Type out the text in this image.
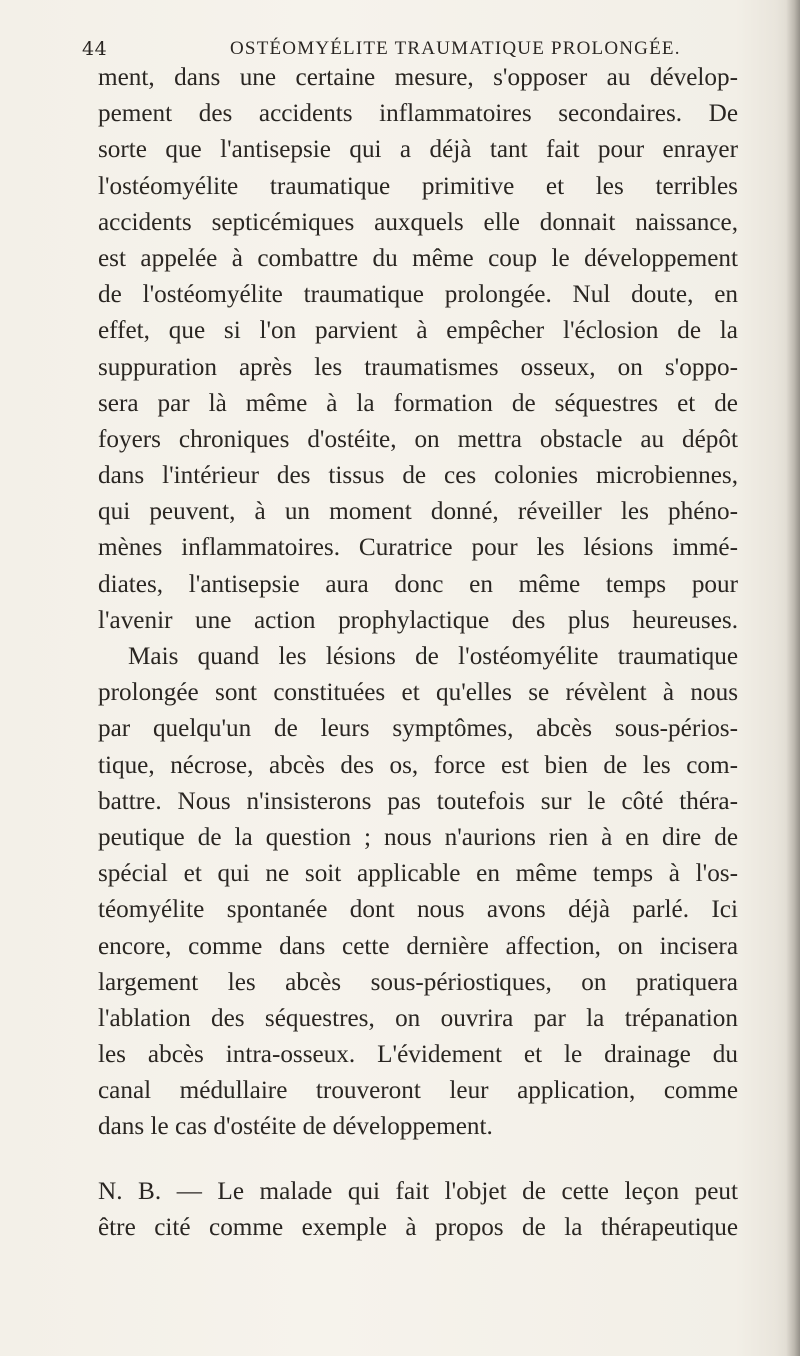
44	OSTÉOMYÉLITE TRAUMATIQUE PROLONGÉE.
ment, dans une certaine mesure, s'opposer au dévelop-
pement des accidents inflammatoires secondaires. De
sorte que l'antisepsie qui a déjà tant fait pour enrayer
l'ostéomyélite traumatique primitive et les terribles
accidents septicémiques auxquels elle donnait naissance,
est appelée à combattre du même coup le développement
de l'ostéomyélite traumatique prolongée. Nul doute, en
effet, que si l'on parvient à empêcher l'éclosion de la
suppuration après les traumatismes osseux, on s'oppo-
sera par là même à la formation de séquestres et de
foyers chroniques d'ostéite, on mettra obstacle au dépôt
dans l'intérieur des tissus de ces colonies microbiennes,
qui peuvent, à un moment donné, réveiller les phéno-
mènes inflammatoires. Curatrice pour les lésions immé-
diates, l'antisepsie aura donc en même temps pour
l'avenir une action prophylactique des plus heureuses.
Mais quand les lésions de l'ostéomyélite traumatique
prolongée sont constituées et qu'elles se révèlent à nous
par quelqu'un de leurs symptômes, abcès sous-périos-
tique, nécrose, abcès des os, force est bien de les com-
battre. Nous n'insisterons pas toutefois sur le côté théra-
peutique de la question ; nous n'aurions rien à en dire de
spécial et qui ne soit applicable en même temps à l'os-
téomyélite spontanée dont nous avons déjà parlé. Ici
encore, comme dans cette dernière affection, on incisera
largement les abcès sous-périostiques, on pratiquera
l'ablation des séquestres, on ouvrira par la trépanation
les abcès intra-osseux. L'évidement et le drainage du
canal médullaire trouveront leur application, comme
dans le cas d'ostéite de développement.
N. B. — Le malade qui fait l'objet de cette leçon peut
être cité comme exemple à propos de la thérapeutique
